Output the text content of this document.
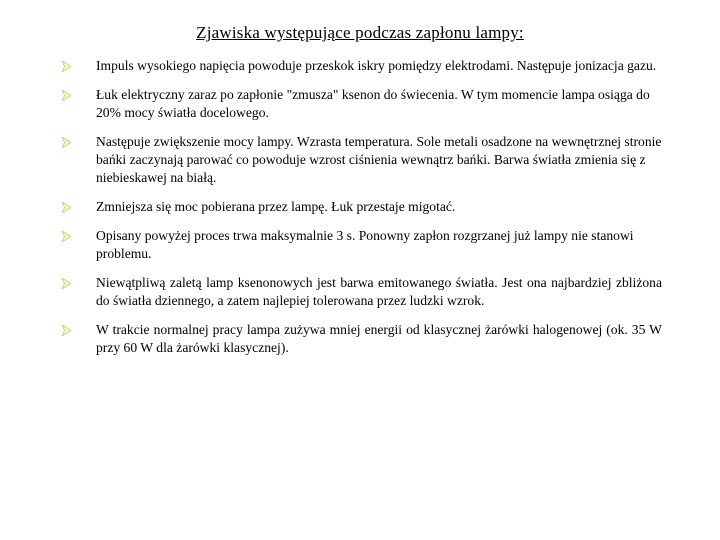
Zjawiska występujące podczas zapłonu lampy:
Impuls wysokiego napięcia powoduje przeskok iskry pomiędzy elektrodami. Następuje jonizacja gazu.
Łuk elektryczny zaraz po zapłonie "zmusza" ksenon do świecenia. W tym momencie lampa osiąga do 20% mocy światła docelowego.
Następuje zwiększenie mocy lampy. Wzrasta temperatura. Sole metali osadzone na wewnętrznej stronie bańki zaczynają parować co powoduje wzrost ciśnienia wewnątrz bańki. Barwa światła zmienia się z niebieskawej na białą.
Zmniejsza się moc pobierana przez lampę. Łuk przestaje migotać.
Opisany powyżej proces trwa maksymalnie 3 s. Ponowny zapłon rozgrzanej już lampy nie stanowi problemu.
Niewątpliwą zaletą lamp ksenonowych jest barwa emitowanego światła. Jest ona najbardziej zbliżona do światła dziennego, a zatem najlepiej tolerowana przez ludzki wzrok.
W trakcie normalnej pracy lampa zużywa mniej energii od klasycznej żarówki halogenowej (ok. 35 W przy 60 W dla żarówki klasycznej).
